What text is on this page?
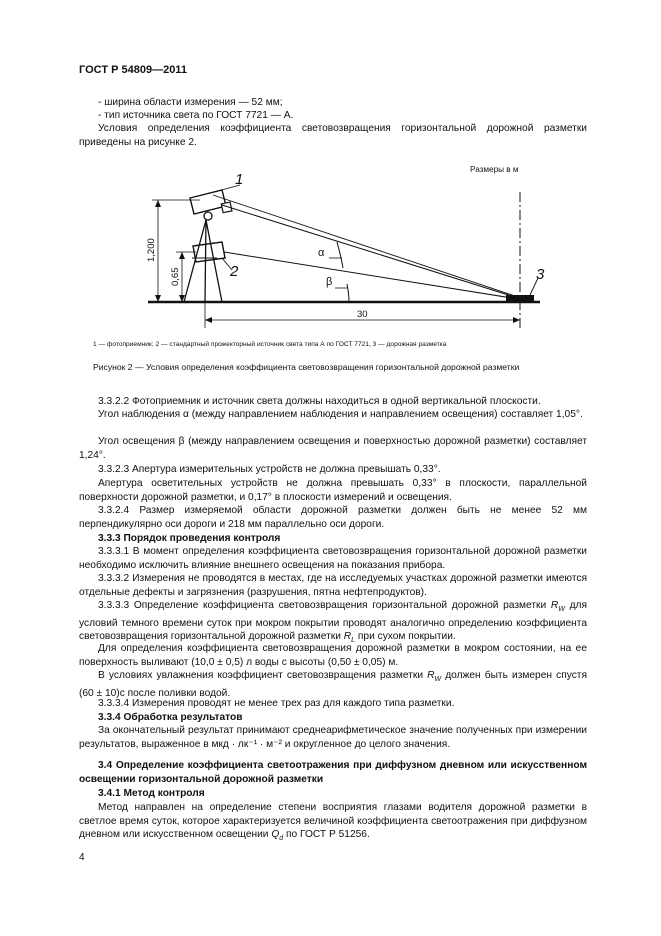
ГОСТ Р 54809—2011
- ширина области измерения — 52 мм;
- тип источника света по ГОСТ 7721 — А.
Условия определения коэффициента световозвращения горизонтальной дорожной разметки приведены на рисунке 2.
Размеры в м
1
2	3
α
β
1,200
0,65
30
1 — фотоприемник; 2 — стандартный прожекторный источник света типа А по ГОСТ 7721, 3 — дорожная разметка
Рисунок 2 — Условия определения коэффициента световозвращения горизонтальной дорожной разметки
3.3.2.2 Фотоприемник и источник света должны находиться в одной вертикальной плоскости.
Угол наблюдения α (между направлением наблюдения и направлением освещения) составляет 1,05°.
Угол освещения β (между направлением освещения и поверхностью дорожной разметки) составляет 1,24°.
3.3.2.3 Апертура измерительных устройств не должна превышать 0,33°.
Апертура осветительных устройств не должна превышать 0,33° в плоскости, параллельной поверхности дорожной разметки, и 0,17° в плоскости измерений и освещения.
3.3.2.4 Размер измеряемой области дорожной разметки должен быть не менее 52 мм перпендикулярно оси дороги и 218 мм параллельно оси дороги.
3.3.3 Порядок проведения контроля
3.3.3.1 В момент определения коэффициента световозвращения горизонтальной дорожной разметки необходимо исключить влияние внешнего освещения на показания прибора.
3.3.3.2 Измерения не проводятся в местах, где на исследуемых участках дорожной разметки имеются отдельные дефекты и загрязнения (разрушения, пятна нефтепродуктов).
3.3.3.3 Определение коэффициента световозвращения горизонтальной дорожной разметки $R_W$ для условий темного времени суток при мокром покрытии проводят аналогично определению коэффициента световозвращения горизонтальной дорожной разметки $R_L$ при сухом покрытии.
Для определения коэффициента световозвращения дорожной разметки в мокром состоянии, на ее поверхность выливают (10,0 ± 0,5) л воды с высоты (0,50 ± 0,05) м.
В условиях увлажнения коэффициент световозвращения разметки $R_W$ должен быть измерен спустя (60 ± 10)с после поливки водой.
3.3.3.4 Измерения проводят не менее трех раз для каждого типа разметки.
3.3.4 Обработка результатов
За окончательный результат принимают среднеарифметическое значение полученных при измерении результатов, выраженное в мкд · лк⁻¹ · м⁻² и округленное до целого значения.
3.4 Определение коэффициента светоотражения при диффузном дневном или искусственном освещении горизонтальной дорожной разметки
3.4.1 Метод контроля
Метод направлен на определение степени восприятия глазами водителя дорожной разметки в светлое время суток, которое характеризуется величиной коэффициента светоотражения при диффузном дневном или искусственном освещении $Q_d$ по ГОСТ Р 51256.
4
